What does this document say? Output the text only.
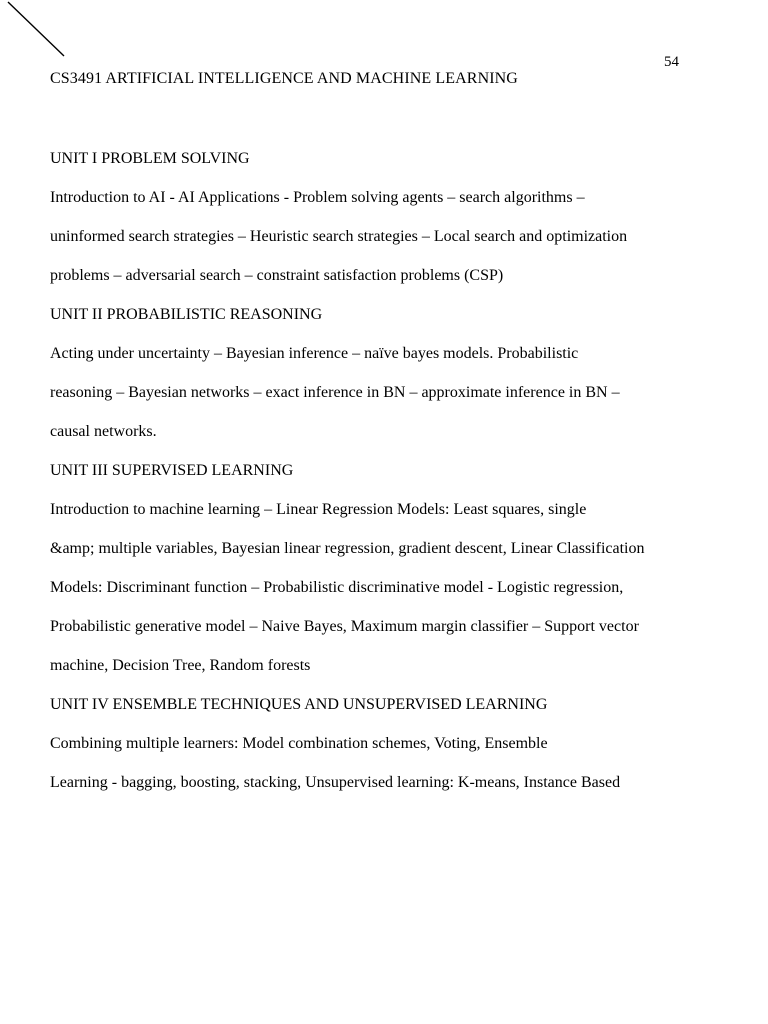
54
CS3491 ARTIFICIAL INTELLIGENCE AND MACHINE LEARNING
UNIT I PROBLEM SOLVING
Introduction to AI - AI Applications - Problem solving agents – search algorithms –
uninformed search strategies – Heuristic search strategies – Local search and optimization
problems – adversarial search – constraint satisfaction problems (CSP)
UNIT II PROBABILISTIC REASONING
Acting under uncertainty – Bayesian inference – naïve bayes models. Probabilistic
reasoning – Bayesian networks – exact inference in BN – approximate inference in BN –
causal networks.
UNIT III SUPERVISED LEARNING
Introduction to machine learning – Linear Regression Models: Least squares, single
&amp; multiple variables, Bayesian linear regression, gradient descent, Linear Classification
Models: Discriminant function – Probabilistic discriminative model - Logistic regression,
Probabilistic generative model – Naive Bayes, Maximum margin classifier – Support vector
machine, Decision Tree, Random forests
UNIT IV ENSEMBLE TECHNIQUES AND UNSUPERVISED LEARNING
Combining multiple learners: Model combination schemes, Voting, Ensemble
Learning - bagging, boosting, stacking, Unsupervised learning: K-means, Instance Based
